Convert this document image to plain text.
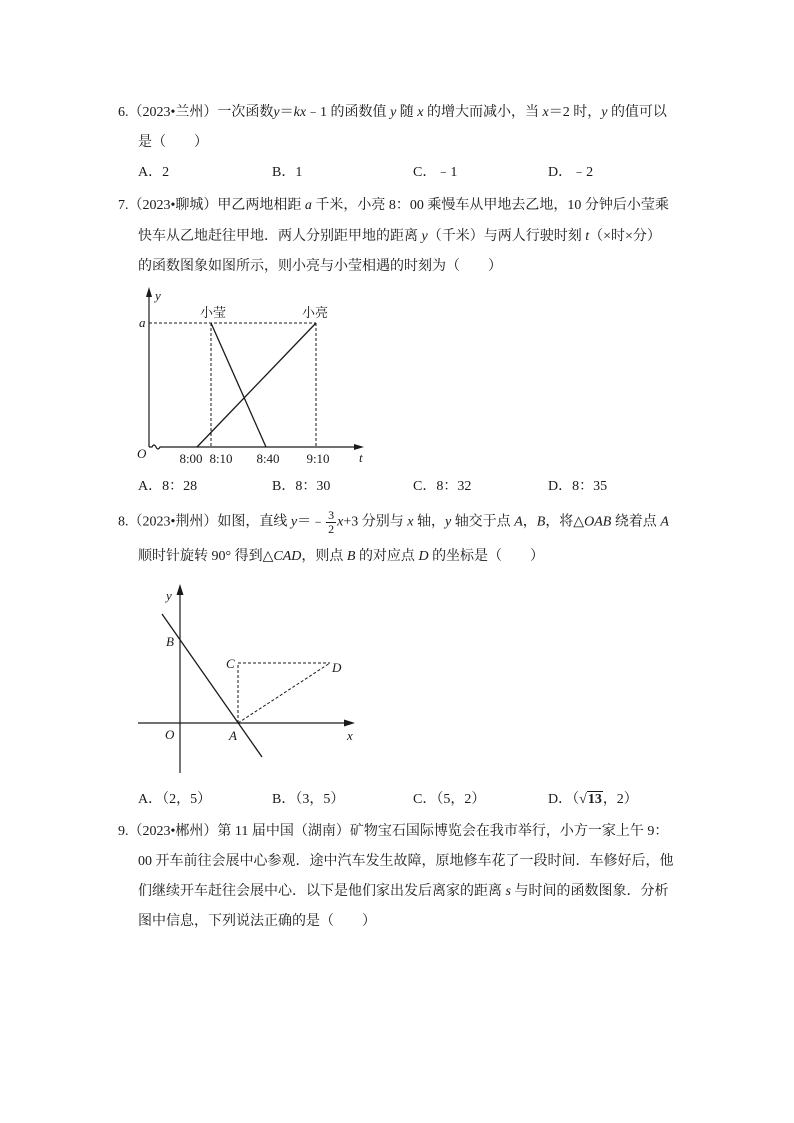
6.（2023•兰州）一次函数y＝kx﹣1 的函数值 y 随 x 的增大而减小，当 x＝2 时，y 的值可以
是（　　）
A．2	B．1	C．﹣1	D．﹣2
7.（2023•聊城）甲乙两地相距 a 千米，小亮 8：00 乘慢车从甲地去乙地，10 分钟后小莹乘
快车从乙地赶往甲地．两人分别距甲地的距离 y（千米）与两人行驶时刻 t（×时×分）
的函数图象如图所示，则小亮与小莹相遇的时刻为（　　）
y
a
小莹	小亮
O	8:00 8:10 8:40 9:10 t
A．8：28	B．8：30	C．8：32	D．8：35
8.（2023•荆州）如图，直线 y＝﹣ $\frac{3}{2} x+3$ 分别与 x 轴，y 轴交于点 A，B，将△OAB 绕着点 A
顺时针旋转 90° 得到△CAD，则点 B 的对应点 D 的坐标是（　　）
y
B
C	D
O	A	x
A．（2，5）	B．（3，5）	C．（5，2）	D．（√13，2）
9.（2023•郴州）第 11 届中国（湖南）矿物宝石国际博览会在我市举行，小方一家上午 9：
00 开车前往会展中心参观．途中汽车发生故障，原地修车花了一段时间．车修好后，他
们继续开车赶往会展中心．以下是他们家出发后离家的距离 s 与时间的函数图象．分析
图中信息，下列说法正确的是（　　）
